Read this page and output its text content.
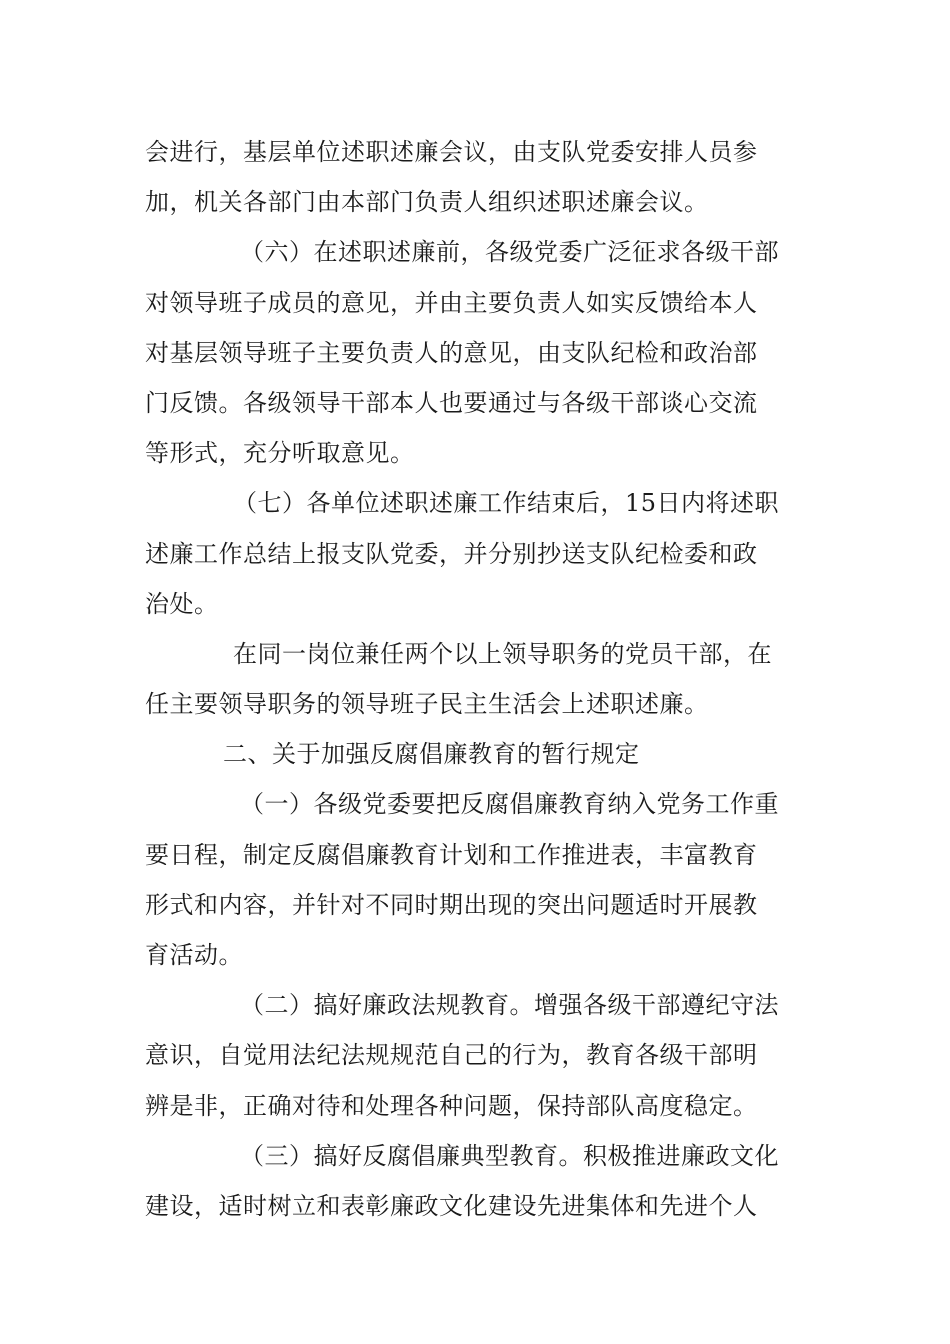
会进行，基层单位述职述廉会议，由支队党委安排人员参
加，机关各部门由本部门负责人组织述职述廉会议。
（六）在述职述廉前，各级党委广泛征求各级干部
对领导班子成员的意见，并由主要负责人如实反馈给本人
对基层领导班子主要负责人的意见，由支队纪检和政治部
门反馈。各级领导干部本人也要通过与各级干部谈心交流
等形式，充分听取意见。
（七）各单位述职述廉工作结束后，15日内将述职
述廉工作总结上报支队党委，并分别抄送支队纪检委和政
治处。
在同一岗位兼任两个以上领导职务的党员干部，在
任主要领导职务的领导班子民主生活会上述职述廉。
二、关于加强反腐倡廉教育的暂行规定
（一）各级党委要把反腐倡廉教育纳入党务工作重
要日程，制定反腐倡廉教育计划和工作推进表，丰富教育
形式和内容，并针对不同时期出现的突出问题适时开展教
育活动。
（二）搞好廉政法规教育。增强各级干部遵纪守法
意识，自觉用法纪法规规范自己的行为，教育各级干部明
辨是非，正确对待和处理各种问题，保持部队高度稳定。
（三）搞好反腐倡廉典型教育。积极推进廉政文化
建设，适时树立和表彰廉政文化建设先进集体和先进个人
